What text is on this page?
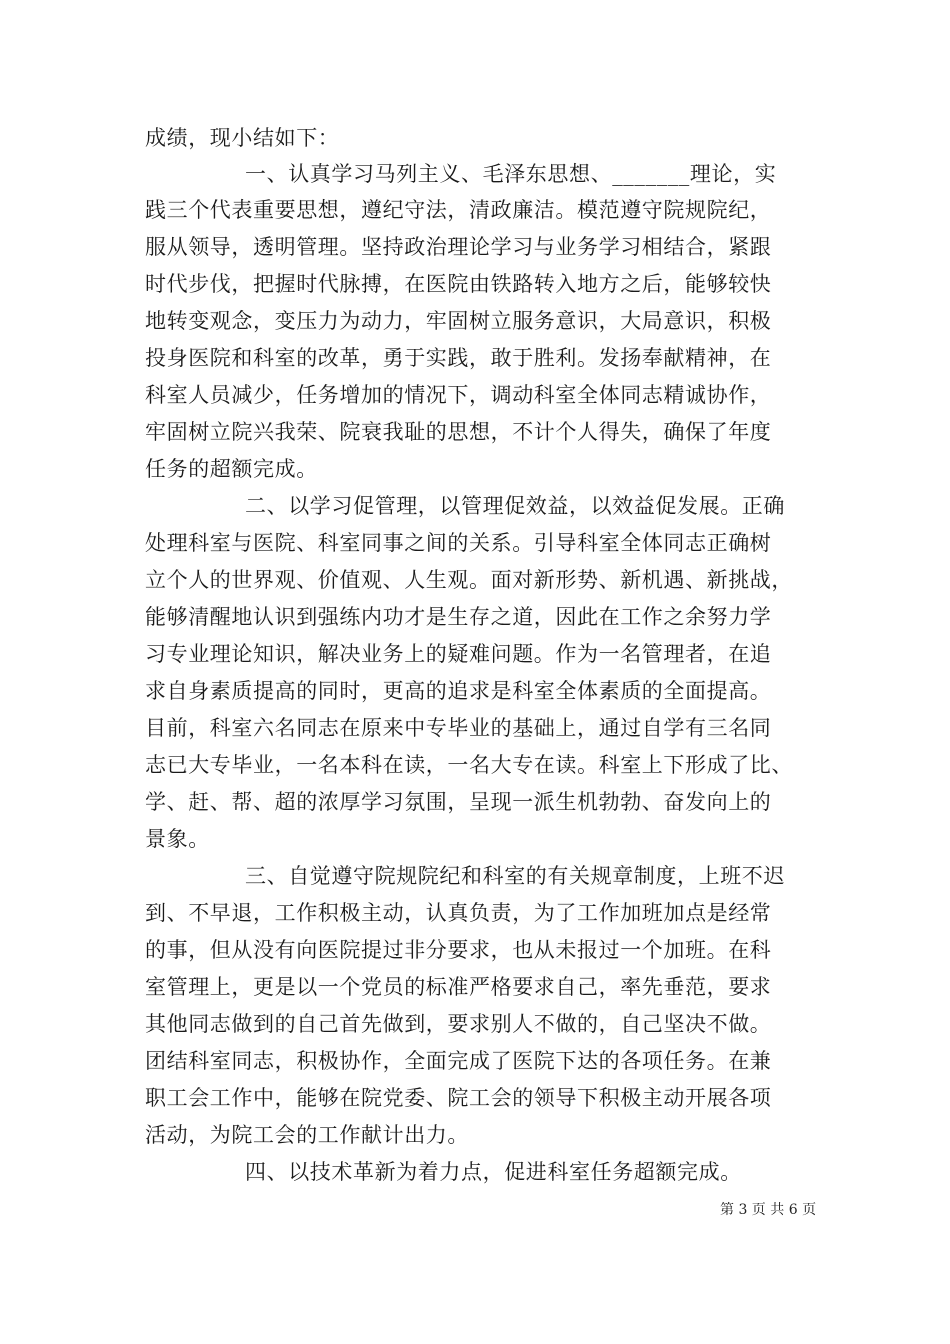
成绩，现小结如下：
一、认真学习马列主义、毛泽东思想、_______理论，实
践三个代表重要思想，遵纪守法，清政廉洁。模范遵守院规院纪，
服从领导，透明管理。坚持政治理论学习与业务学习相结合，紧跟
时代步伐，把握时代脉搏，在医院由铁路转入地方之后，能够较快
地转变观念，变压力为动力，牢固树立服务意识，大局意识，积极
投身医院和科室的改革，勇于实践，敢于胜利。发扬奉献精神，在
科室人员减少，任务增加的情况下，调动科室全体同志精诚协作，
牢固树立院兴我荣、院衰我耻的思想，不计个人得失，确保了年度
任务的超额完成。
二、以学习促管理，以管理促效益，以效益促发展。正确
处理科室与医院、科室同事之间的关系。引导科室全体同志正确树
立个人的世界观、价值观、人生观。面对新形势、新机遇、新挑战，
能够清醒地认识到强练内功才是生存之道，因此在工作之余努力学
习专业理论知识，解决业务上的疑难问题。作为一名管理者，在追
求自身素质提高的同时，更高的追求是科室全体素质的全面提高。
目前，科室六名同志在原来中专毕业的基础上，通过自学有三名同
志已大专毕业，一名本科在读，一名大专在读。科室上下形成了比、
学、赶、帮、超的浓厚学习氛围，呈现一派生机勃勃、奋发向上的
景象。
三、自觉遵守院规院纪和科室的有关规章制度，上班不迟
到、不早退，工作积极主动，认真负责，为了工作加班加点是经常
的事，但从没有向医院提过非分要求，也从未报过一个加班。在科
室管理上，更是以一个党员的标准严格要求自己，率先垂范，要求
其他同志做到的自己首先做到，要求别人不做的，自己坚决不做。
团结科室同志，积极协作，全面完成了医院下达的各项任务。在兼
职工会工作中，能够在院党委、院工会的领导下积极主动开展各项
活动，为院工会的工作献计出力。
四、以技术革新为着力点，促进科室任务超额完成。
第 3 页 共 6 页
